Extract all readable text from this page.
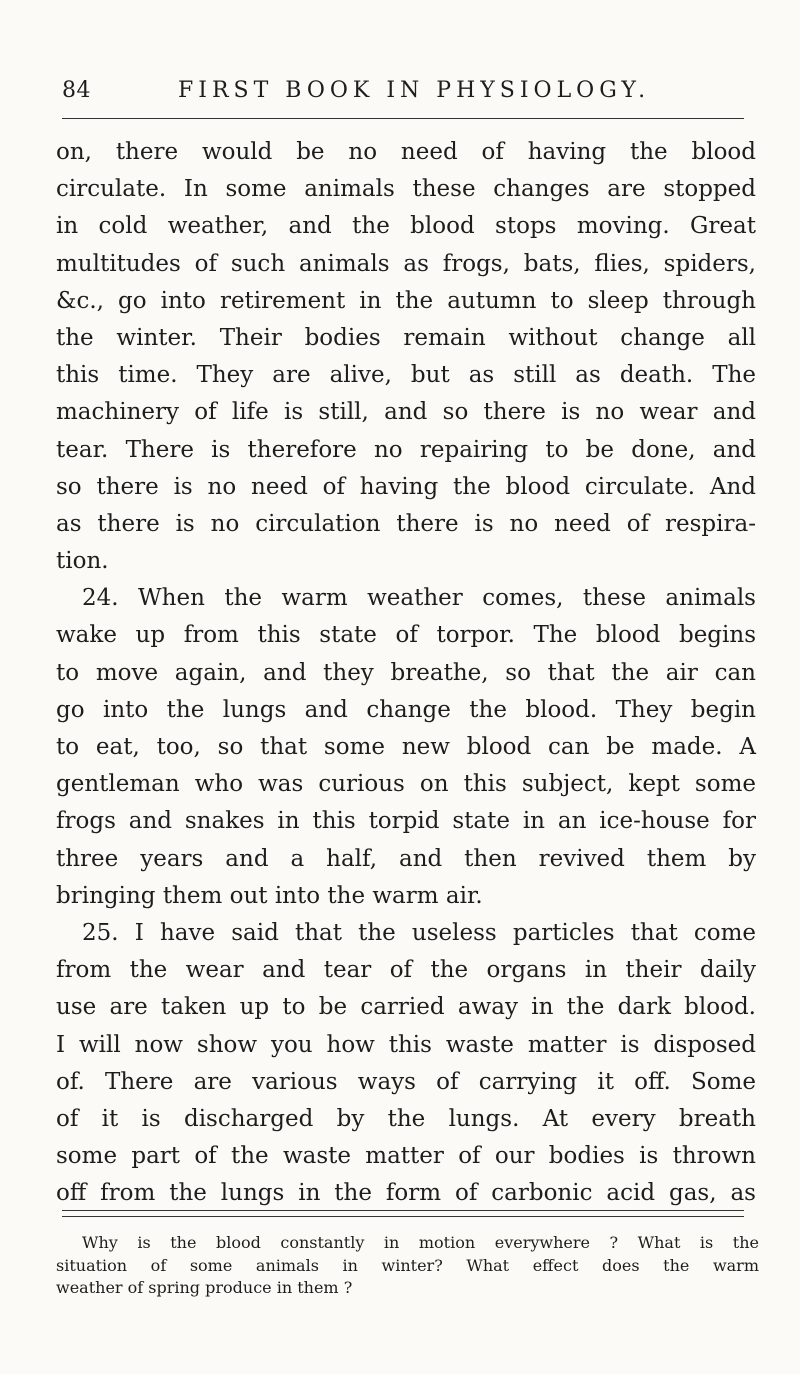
84	FIRST BOOK IN PHYSIOLOGY.
on, there would be no need of having the blood
circulate. In some animals these changes are stopped
in cold weather, and the blood stops moving. Great
multitudes of such animals as frogs, bats, flies, spiders,
&c., go into retirement in the autumn to sleep through
the winter. Their bodies remain without change all
this time. They are alive, but as still as death. The
machinery of life is still, and so there is no wear and
tear. There is therefore no repairing to be done, and
so there is no need of having the blood circulate. And
as there is no circulation there is no need of respira-
tion.
24. When the warm weather comes, these animals
wake up from this state of torpor. The blood begins
to move again, and they breathe, so that the air can
go into the lungs and change the blood. They begin
to eat, too, so that some new blood can be made. A
gentleman who was curious on this subject, kept some
frogs and snakes in this torpid state in an ice-house for
three years and a half, and then revived them by
bringing them out into the warm air.
25. I have said that the useless particles that come
from the wear and tear of the organs in their daily
use are taken up to be carried away in the dark blood.
I will now show you how this waste matter is disposed
of. There are various ways of carrying it off. Some
of it is discharged by the lungs. At every breath
some part of the waste matter of our bodies is thrown
off from the lungs in the form of carbonic acid gas, as
Why is the blood constantly in motion everywhere ? What is the
situation of some animals in winter? What effect does the warm
weather of spring produce in them ?
